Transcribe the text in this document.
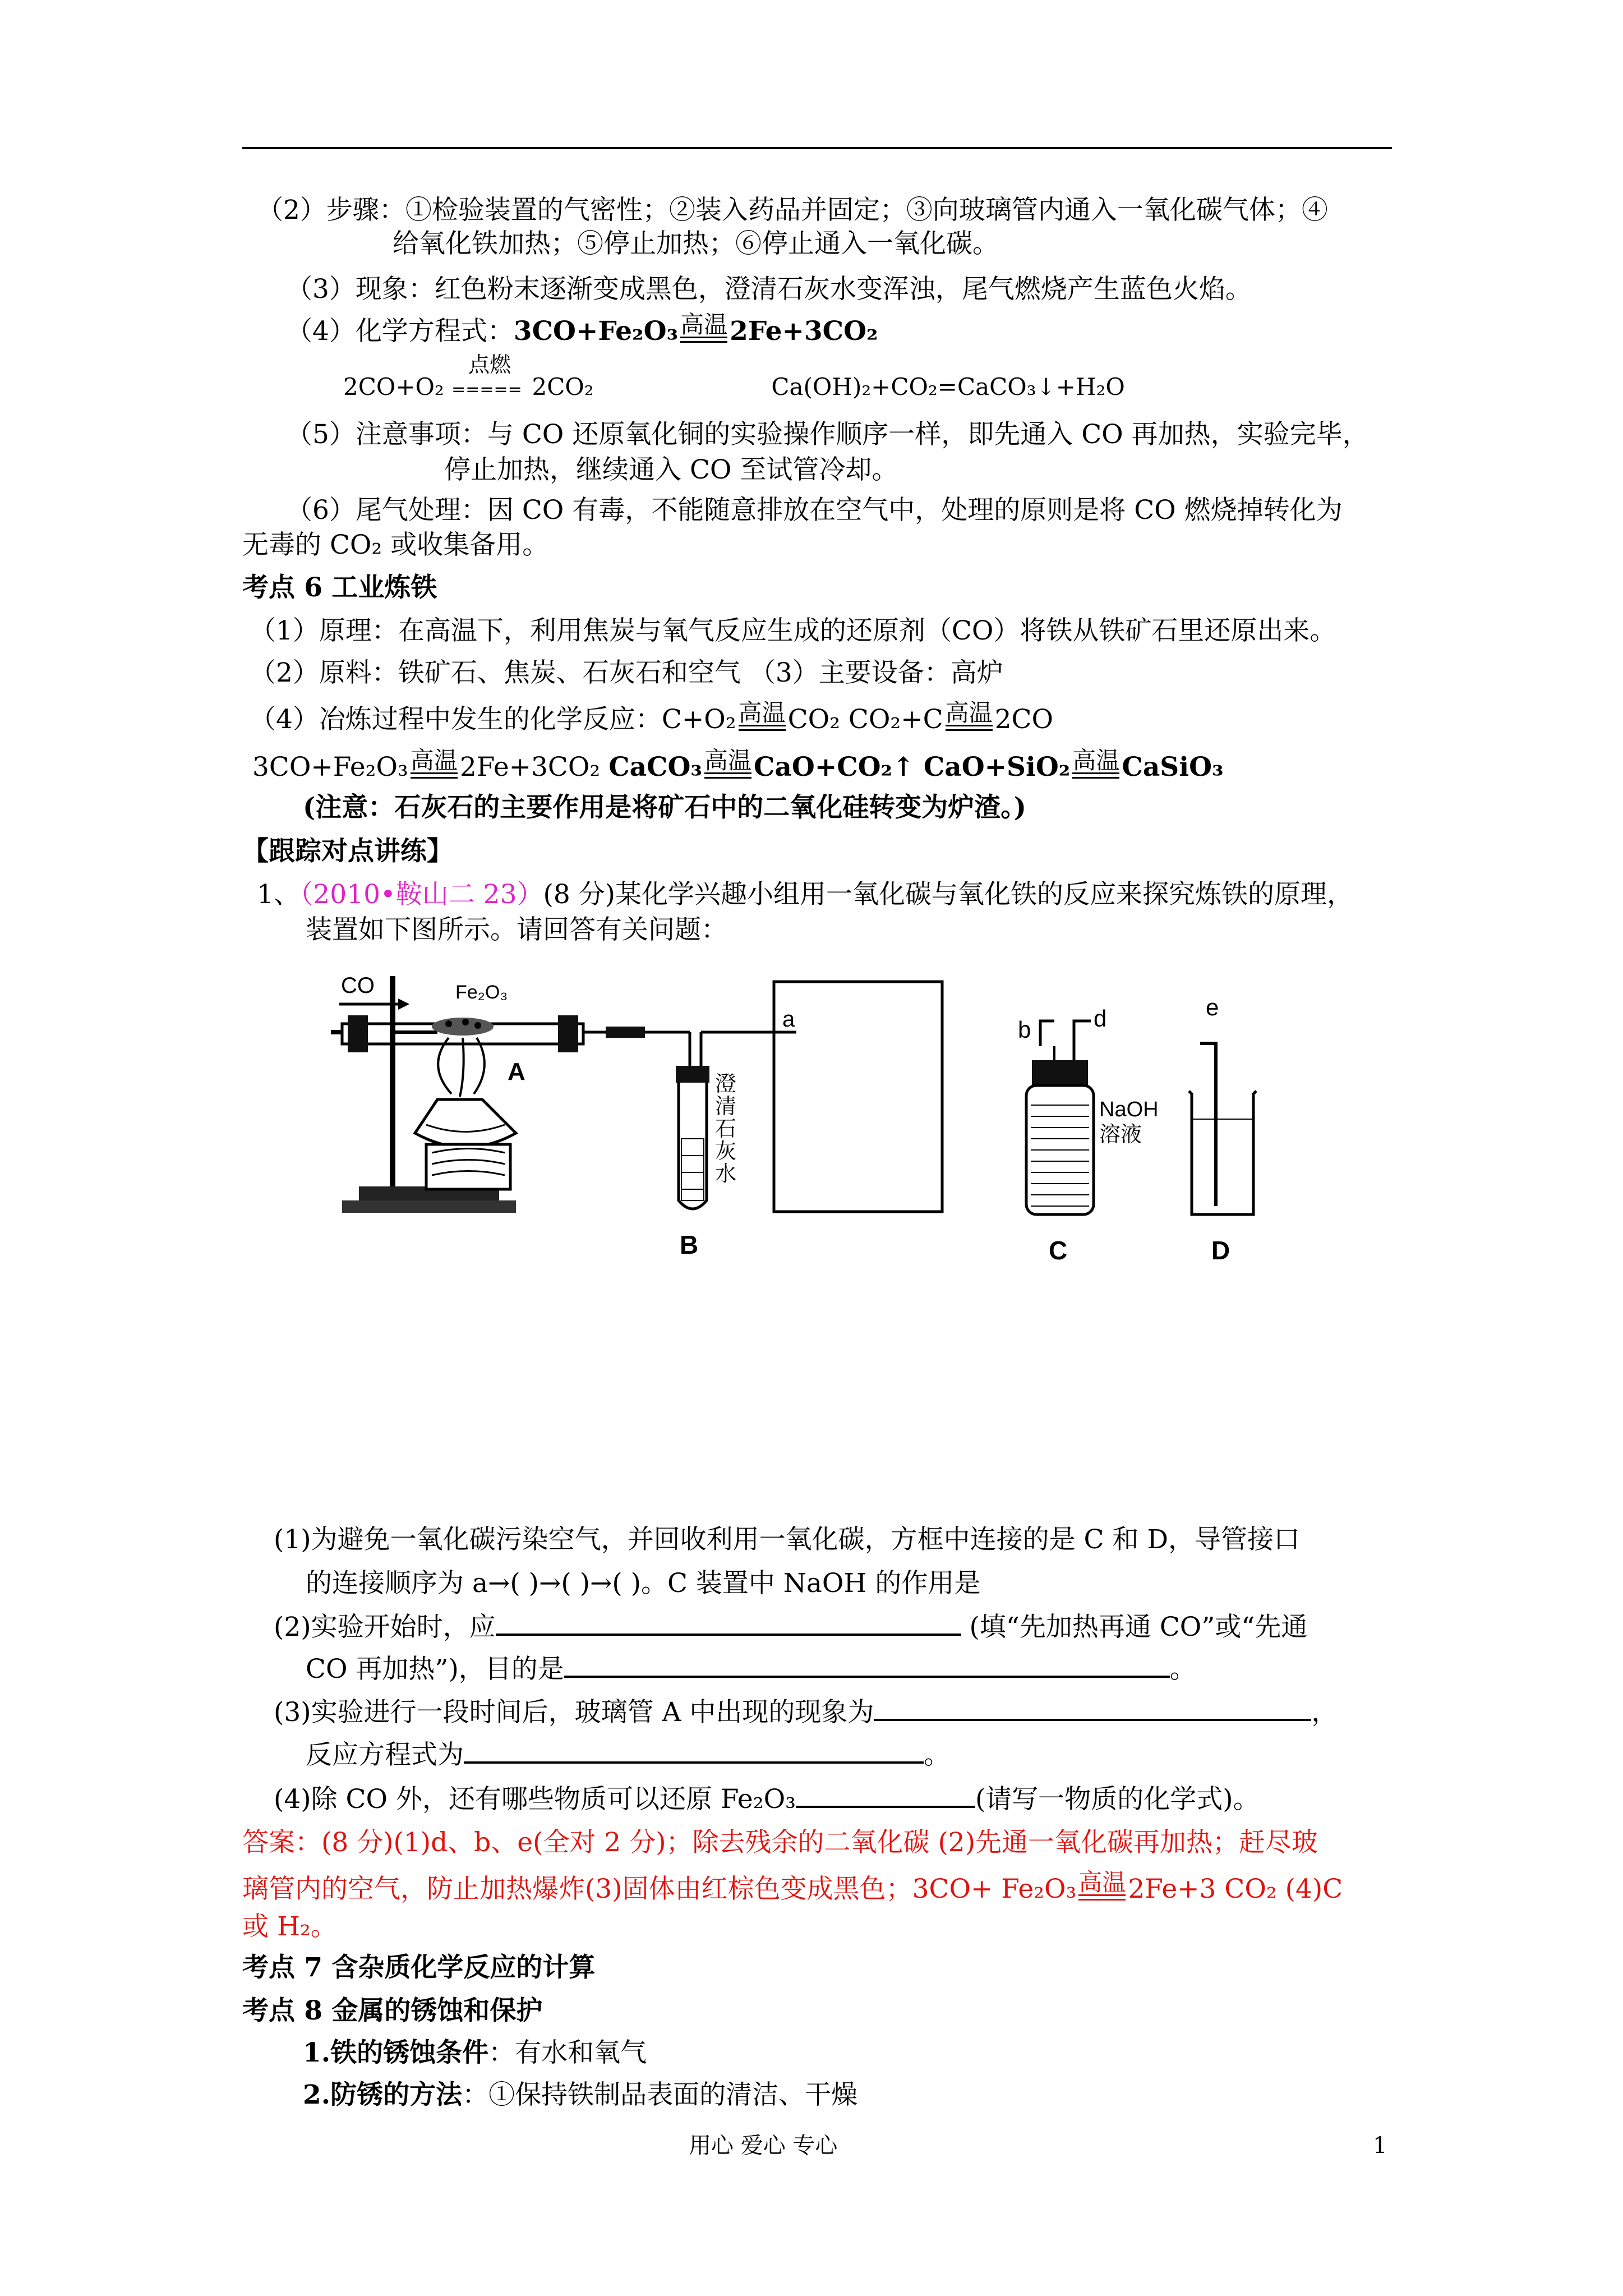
（2）步骤：①检验装置的气密性；②装入药品并固定；③向玻璃管内通入一氧化碳气体；④
给氧化铁加热；⑤停止加热；⑥停止通入一氧化碳。
（3）现象：红色粉末逐渐变成黑色，澄清石灰水变浑浊，尾气燃烧产生蓝色火焰。
（4）化学方程式：3CO+Fe₂O₃ 高温 2Fe+3CO₂
2CO+O₂
点燃
===== 2CO₂	Ca(OH)₂+CO₂=CaCO₃↓+H₂O
（5）注意事项：与 CO 还原氧化铜的实验操作顺序一样，即先通入 CO 再加热，实验完毕，
停止加热，继续通入 CO 至试管冷却。
（6）尾气处理：因 CO 有毒，不能随意排放在空气中，处理的原则是将 CO 燃烧掉转化为
无毒的 CO₂ 或收集备用。
考点 6 工业炼铁
（1）原理：在高温下，利用焦炭与氧气反应生成的还原剂（CO）将铁从铁矿石里还原出来。
（2）原料：铁矿石、焦炭、石灰石和空气 （3）主要设备：高炉
（4）冶炼过程中发生的化学反应：C+O₂ 高温 CO₂ CO₂+C 高温 2CO
3CO+Fe₂O₃ 高温 2Fe+3CO₂ CaCO₃ 高温 CaO+CO₂↑ CaO+SiO₂ 高温 CaSiO₃
(注意：石灰石的主要作用是将矿石中的二氧化硅转变为炉渣。)
【跟踪对点讲练】
1、（2010•鞍山二 23）(8 分)某化学兴趣小组用一氧化碳与氧化铁的反应来探究炼铁的原理，
装置如下图所示。请回答有关问题：
CO	Fe₂O₃
A	澄
清
石
灰
水
B
a	b	d
NaOH
溶液
C
e
D
(1)为避免一氧化碳污染空气，并回收利用一氧化碳，方框中连接的是 C 和 D，导管接口
的连接顺序为 a→( )→( )→( )。C 装置中 NaOH 的作用是
(2)实验开始时，应	(填“先加热再通 CO”或“先通
CO 再加热”)，目的是	。
(3)实验进行一段时间后，玻璃管 A 中出现的现象为	，
反应方程式为	。
(4)除 CO 外，还有哪些物质可以还原 Fe₂O₃	(请写一物质的化学式)。
答案：(8 分)(1)d、b、e(全对 2 分)；除去残余的二氧化碳 (2)先通一氧化碳再加热；赶尽玻
璃管内的空气，防止加热爆炸(3)固体由红棕色变成黑色；3CO+ Fe₂O₃ 高温 2Fe+3 CO₂ (4)C
或 H₂。
考点 7 含杂质化学反应的计算
考点 8 金属的锈蚀和保护
1.铁的锈蚀条件：有水和氧气
2.防锈的方法：①保持铁制品表面的清洁、干燥
用心 爱心 专心	1
